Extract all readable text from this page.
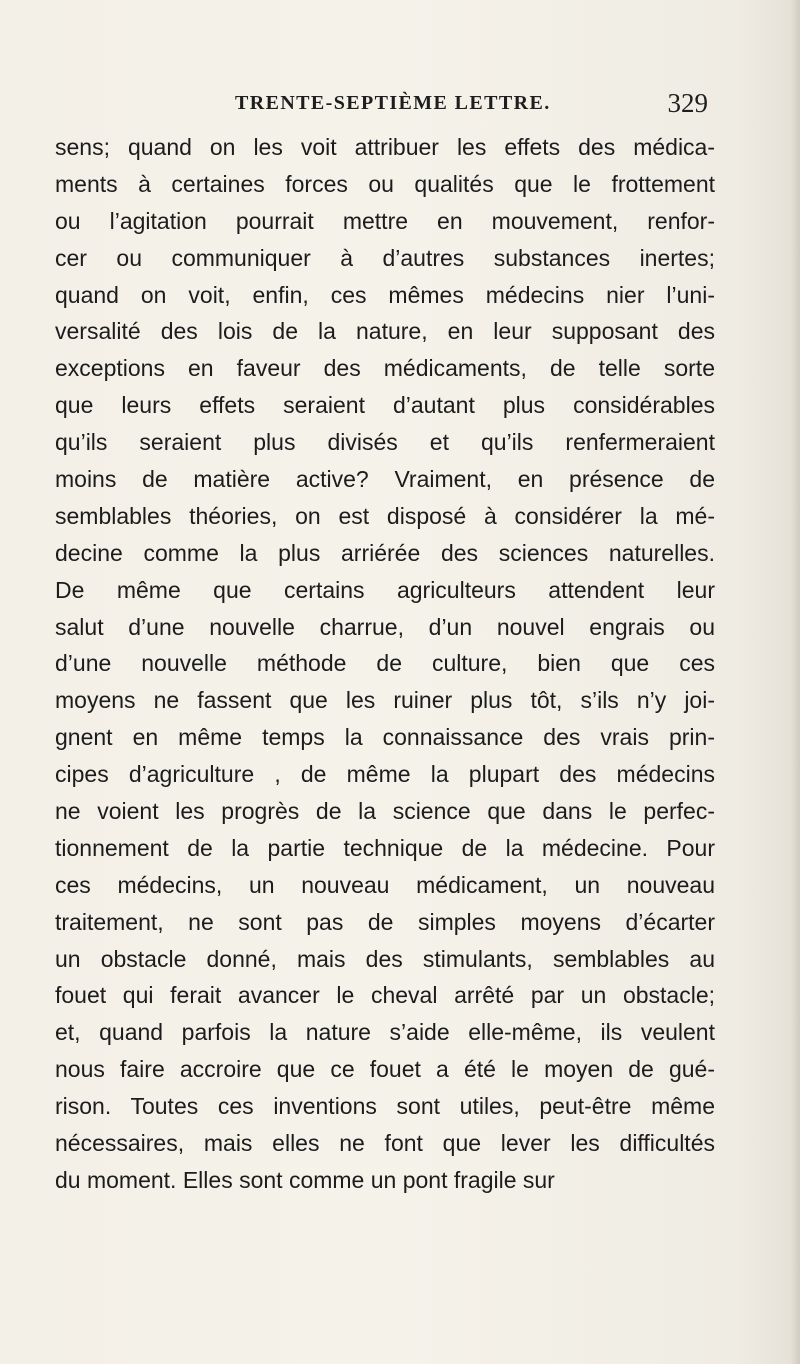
TRENTE-SEPTIÈME LETTRE.	329
sens; quand on les voit attribuer les effets des médica-
ments à certaines forces ou qualités que le frottement
ou l’agitation pourrait mettre en mouvement, renfor-
cer ou communiquer à d’autres substances inertes;
quand on voit, enfin, ces mêmes médecins nier l’uni-
versalité des lois de la nature, en leur supposant des
exceptions en faveur des médicaments, de telle sorte
que leurs effets seraient d’autant plus considérables
qu’ils seraient plus divisés et qu’ils renfermeraient
moins de matière active? Vraiment, en présence de
semblables théories, on est disposé à considérer la mé-
decine comme la plus arriérée des sciences naturelles.
De même que certains agriculteurs attendent leur
salut d’une nouvelle charrue, d’un nouvel engrais ou
d’une nouvelle méthode de culture, bien que ces
moyens ne fassent que les ruiner plus tôt, s’ils n’y joi-
gnent en même temps la connaissance des vrais prin-
cipes d’agriculture , de même la plupart des médecins
ne voient les progrès de la science que dans le perfec-
tionnement de la partie technique de la médecine. Pour
ces médecins, un nouveau médicament, un nouveau
traitement, ne sont pas de simples moyens d’écarter
un obstacle donné, mais des stimulants, semblables au
fouet qui ferait avancer le cheval arrêté par un obstacle;
et, quand parfois la nature s’aide elle-même, ils veulent
nous faire accroire que ce fouet a été le moyen de gué-
rison. Toutes ces inventions sont utiles, peut-être même
nécessaires, mais elles ne font que lever les difficultés
du moment. Elles sont comme un pont fragile sur
